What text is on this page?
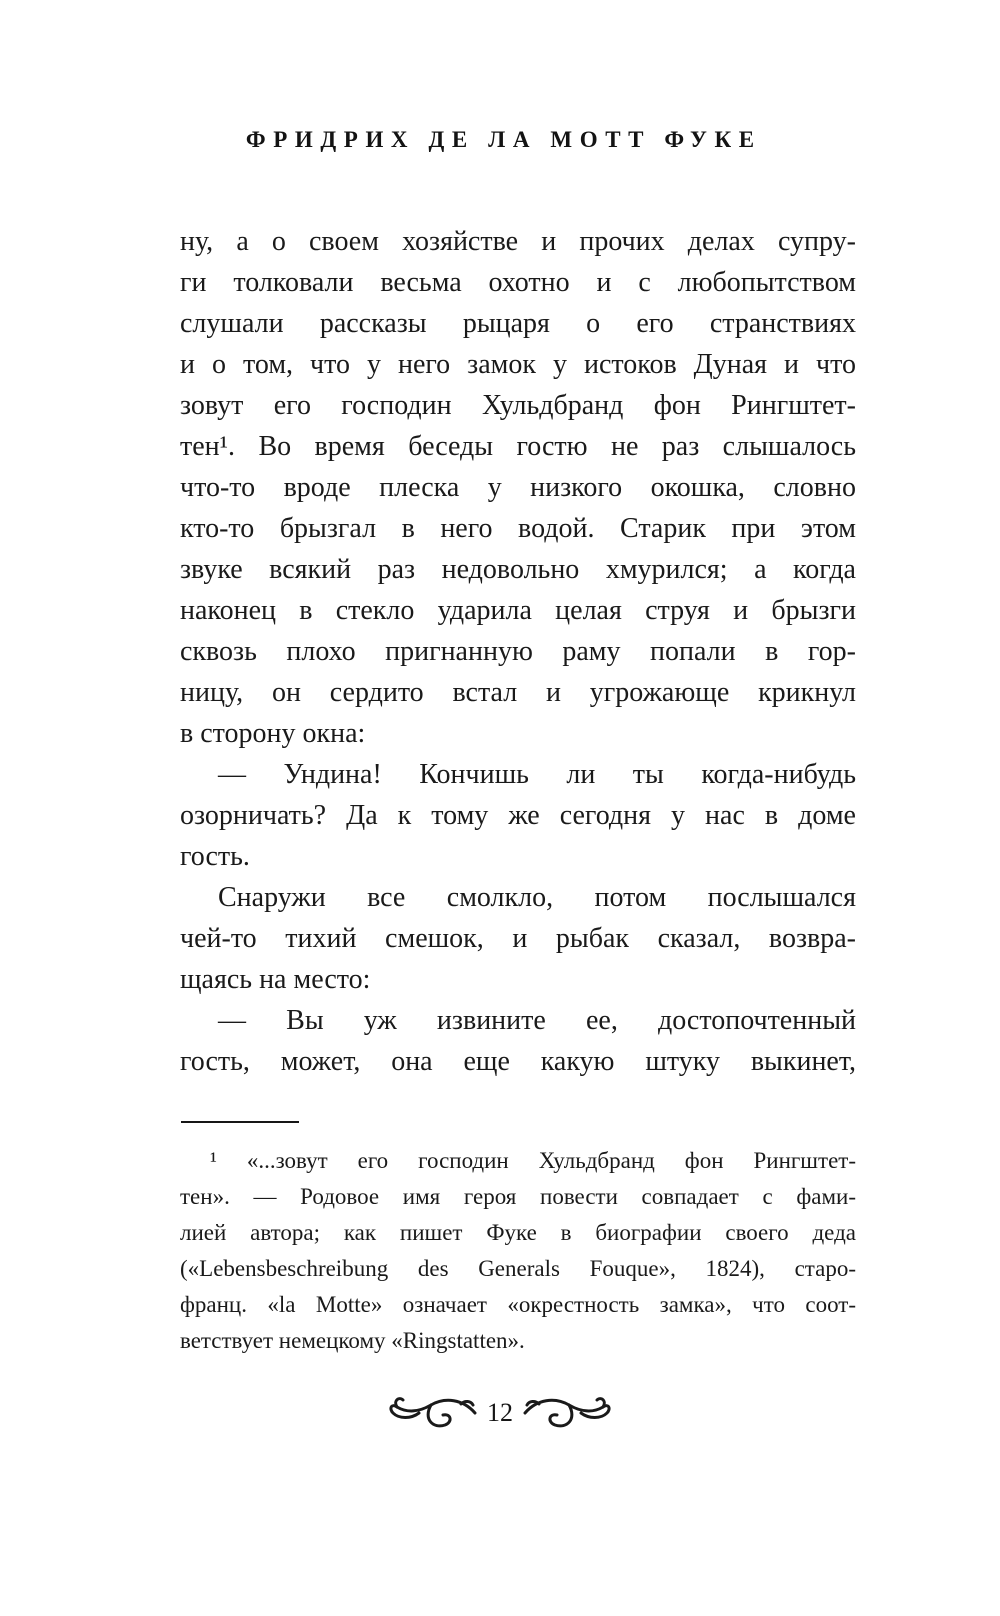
ФРИДРИХ ДЕ ЛА МОТТ ФУКЕ
ну, а о своем хозяйстве и прочих делах супру-
ги толковали весьма охотно и с любопытством
слушали рассказы рыцаря о его странствиях
и о том, что у него замок у истоков Дуная и что
зовут его господин Хульдбранд фон Рингштет-
тен¹. Во время беседы гостю не раз слышалось
что-то вроде плеска у низкого окошка, словно
кто-то брызгал в него водой. Старик при этом
звуке всякий раз недовольно хмурился; а когда
наконец в стекло ударила целая струя и брызги
сквозь плохо пригнанную раму попали в гор-
ницу, он сердито встал и угрожающе крикнул
в сторону окна:
— Ундина! Кончишь ли ты когда-нибудь
озорничать? Да к тому же сегодня у нас в доме
гость.
Снаружи все смолкло, потом послышался
чей-то тихий смешок, и рыбак сказал, возвра-
щаясь на место:
— Вы уж извините ее, достопочтенный
гость, может, она еще какую штуку выкинет,
¹ «...зовут его господин Хульдбранд фон Рингштет-
тен». — Родовое имя героя повести совпадает с фами-
лией автора; как пишет Фуке в биографии своего деда
(«Lebensbeschreibung des Generals Fouque», 1824), старо-
франц. «la Motte» означает «окрестность замка», что соот-
ветствует немецкому «Ringstatten».
12
